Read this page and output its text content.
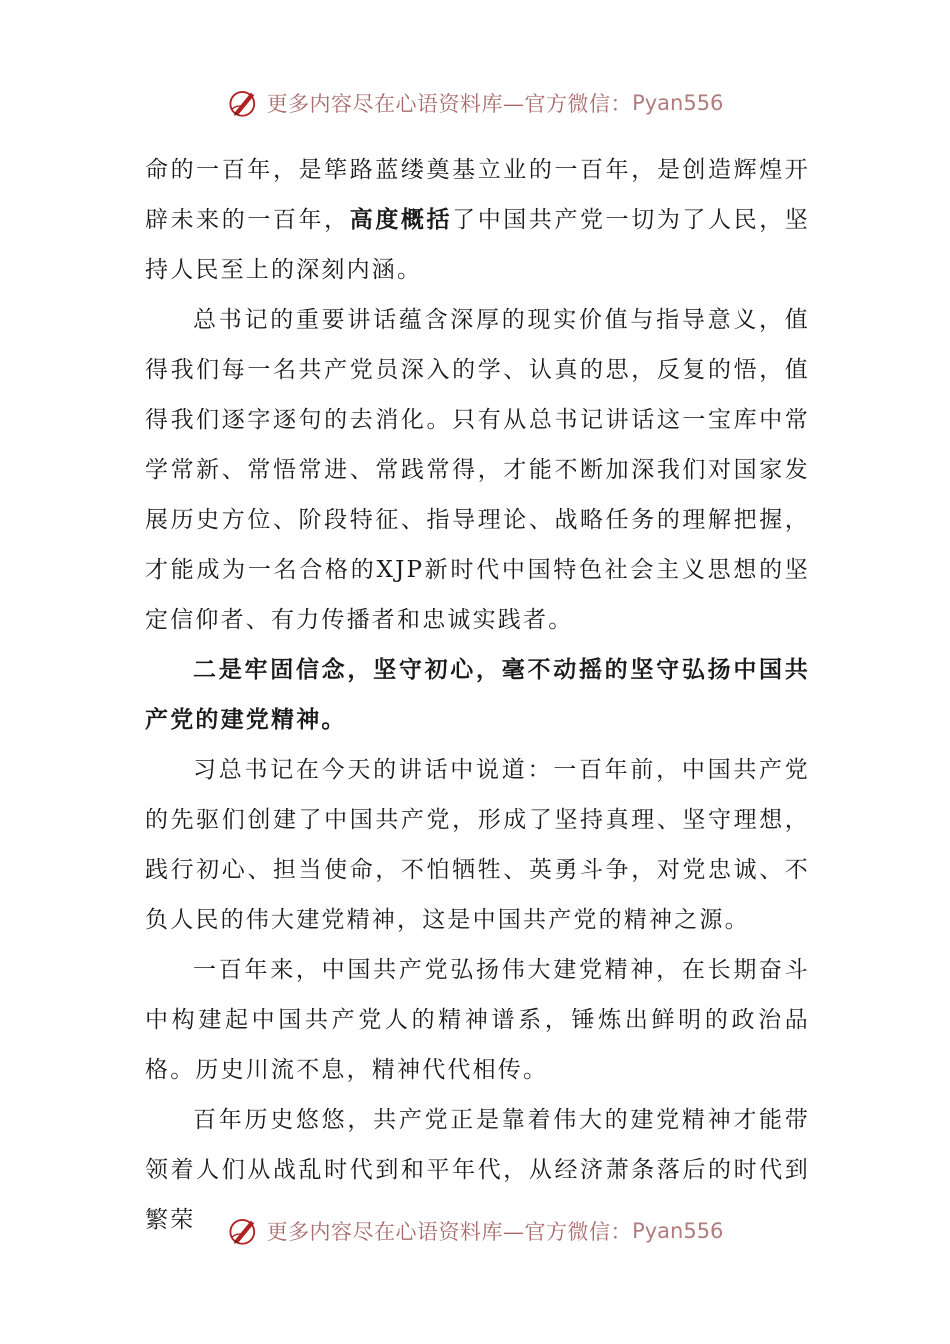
更多内容尽在心语资料库—官方微信： Pyan556

命的一百年，是筚路蓝缕奠基立业的一百年，是创造辉煌开辟未来的一百年，高度概括了中国共产党一切为了人民，坚持人民至上的深刻内涵。

总书记的重要讲话蕴含深厚的现实价值与指导意义，值得我们每一名共产党员深入的学、认真的思，反复的悟，值得我们逐字逐句的去消化。只有从总书记讲话这一宝库中常学常新、常悟常进、常践常得，才能不断加深我们对国家发展历史方位、阶段特征、指导理论、战略任务的理解把握，才能成为一名合格的XJP新时代中国特色社会主义思想的坚定信仰者、有力传播者和忠诚实践者。

二是牢固信念，坚守初心，毫不动摇的坚守弘扬中国共产党的建党精神。

习总书记在今天的讲话中说道：一百年前，中国共产党的先驱们创建了中国共产党，形成了坚持真理、坚守理想，践行初心、担当使命，不怕牺牲、英勇斗争，对党忠诚、不负人民的伟大建党精神，这是中国共产党的精神之源。

一百年来，中国共产党弘扬伟大建党精神，在长期奋斗中构建起中国共产党人的精神谱系，锤炼出鲜明的政治品格。历史川流不息，精神代代相传。

百年历史悠悠，共产党正是靠着伟大的建党精神才能带领着人们从战乱时代到和平年代，从经济萧条落后的时代到繁荣	更多内容尽在心语资料库—官方微信： Pyan556
